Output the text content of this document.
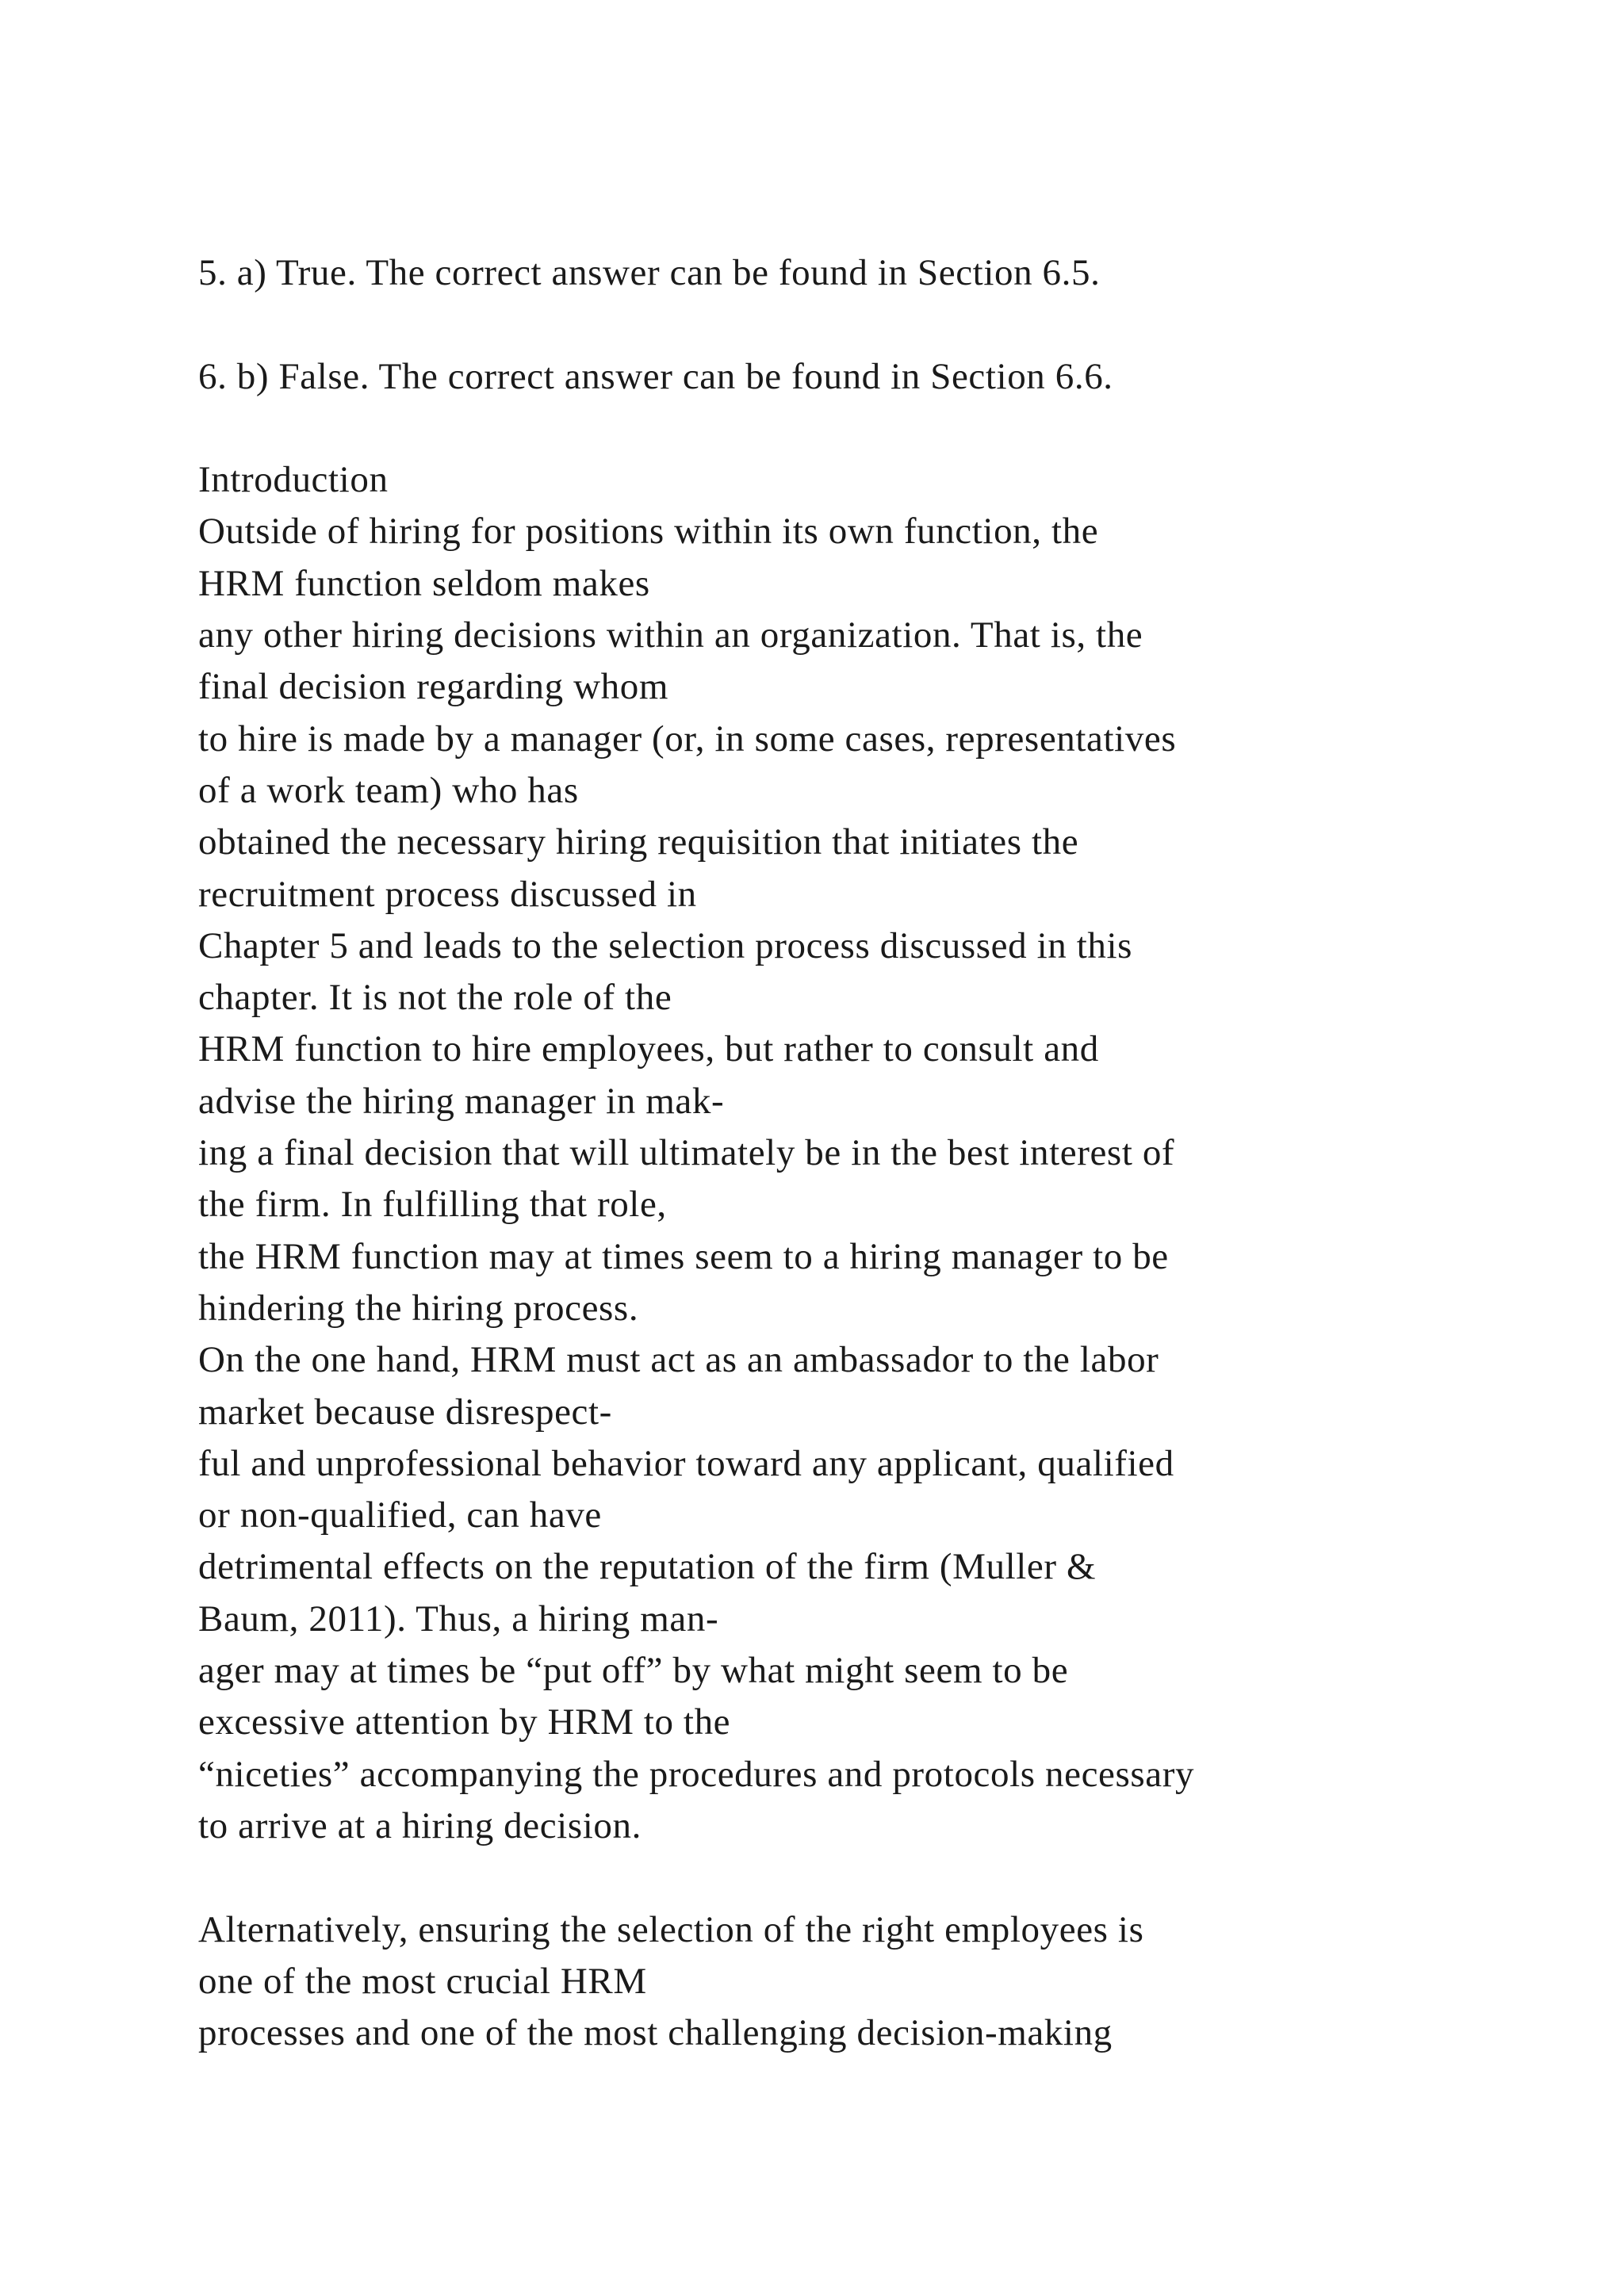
5. a) True. The correct answer can be found in Section 6.5.
6. b) False. The correct answer can be found in Section 6.6.
Introduction
Outside of hiring for positions within its own function, the
HRM function seldom makes
any other hiring decisions within an organization. That is, the
final decision regarding whom
to hire is made by a manager (or, in some cases, representatives
of a work team) who has
obtained the necessary hiring requisition that initiates the
recruitment process discussed in
Chapter 5 and leads to the selection process discussed in this
chapter. It is not the role of the
HRM function to hire employees, but rather to consult and
advise the hiring manager in mak-
ing a final decision that will ultimately be in the best interest of
the firm. In fulfilling that role,
the HRM function may at times seem to a hiring manager to be
hindering the hiring process.
On the one hand, HRM must act as an ambassador to the labor
market because disrespect-
ful and unprofessional behavior toward any applicant, qualified
or non-qualified, can have
detrimental effects on the reputation of the firm (Muller &
Baum, 2011). Thus, a hiring man-
ager may at times be “put off” by what might seem to be
excessive attention by HRM to the
“niceties” accompanying the procedures and protocols necessary
to arrive at a hiring decision.
Alternatively, ensuring the selection of the right employees is
one of the most crucial HRM
processes and one of the most challenging decision-making
